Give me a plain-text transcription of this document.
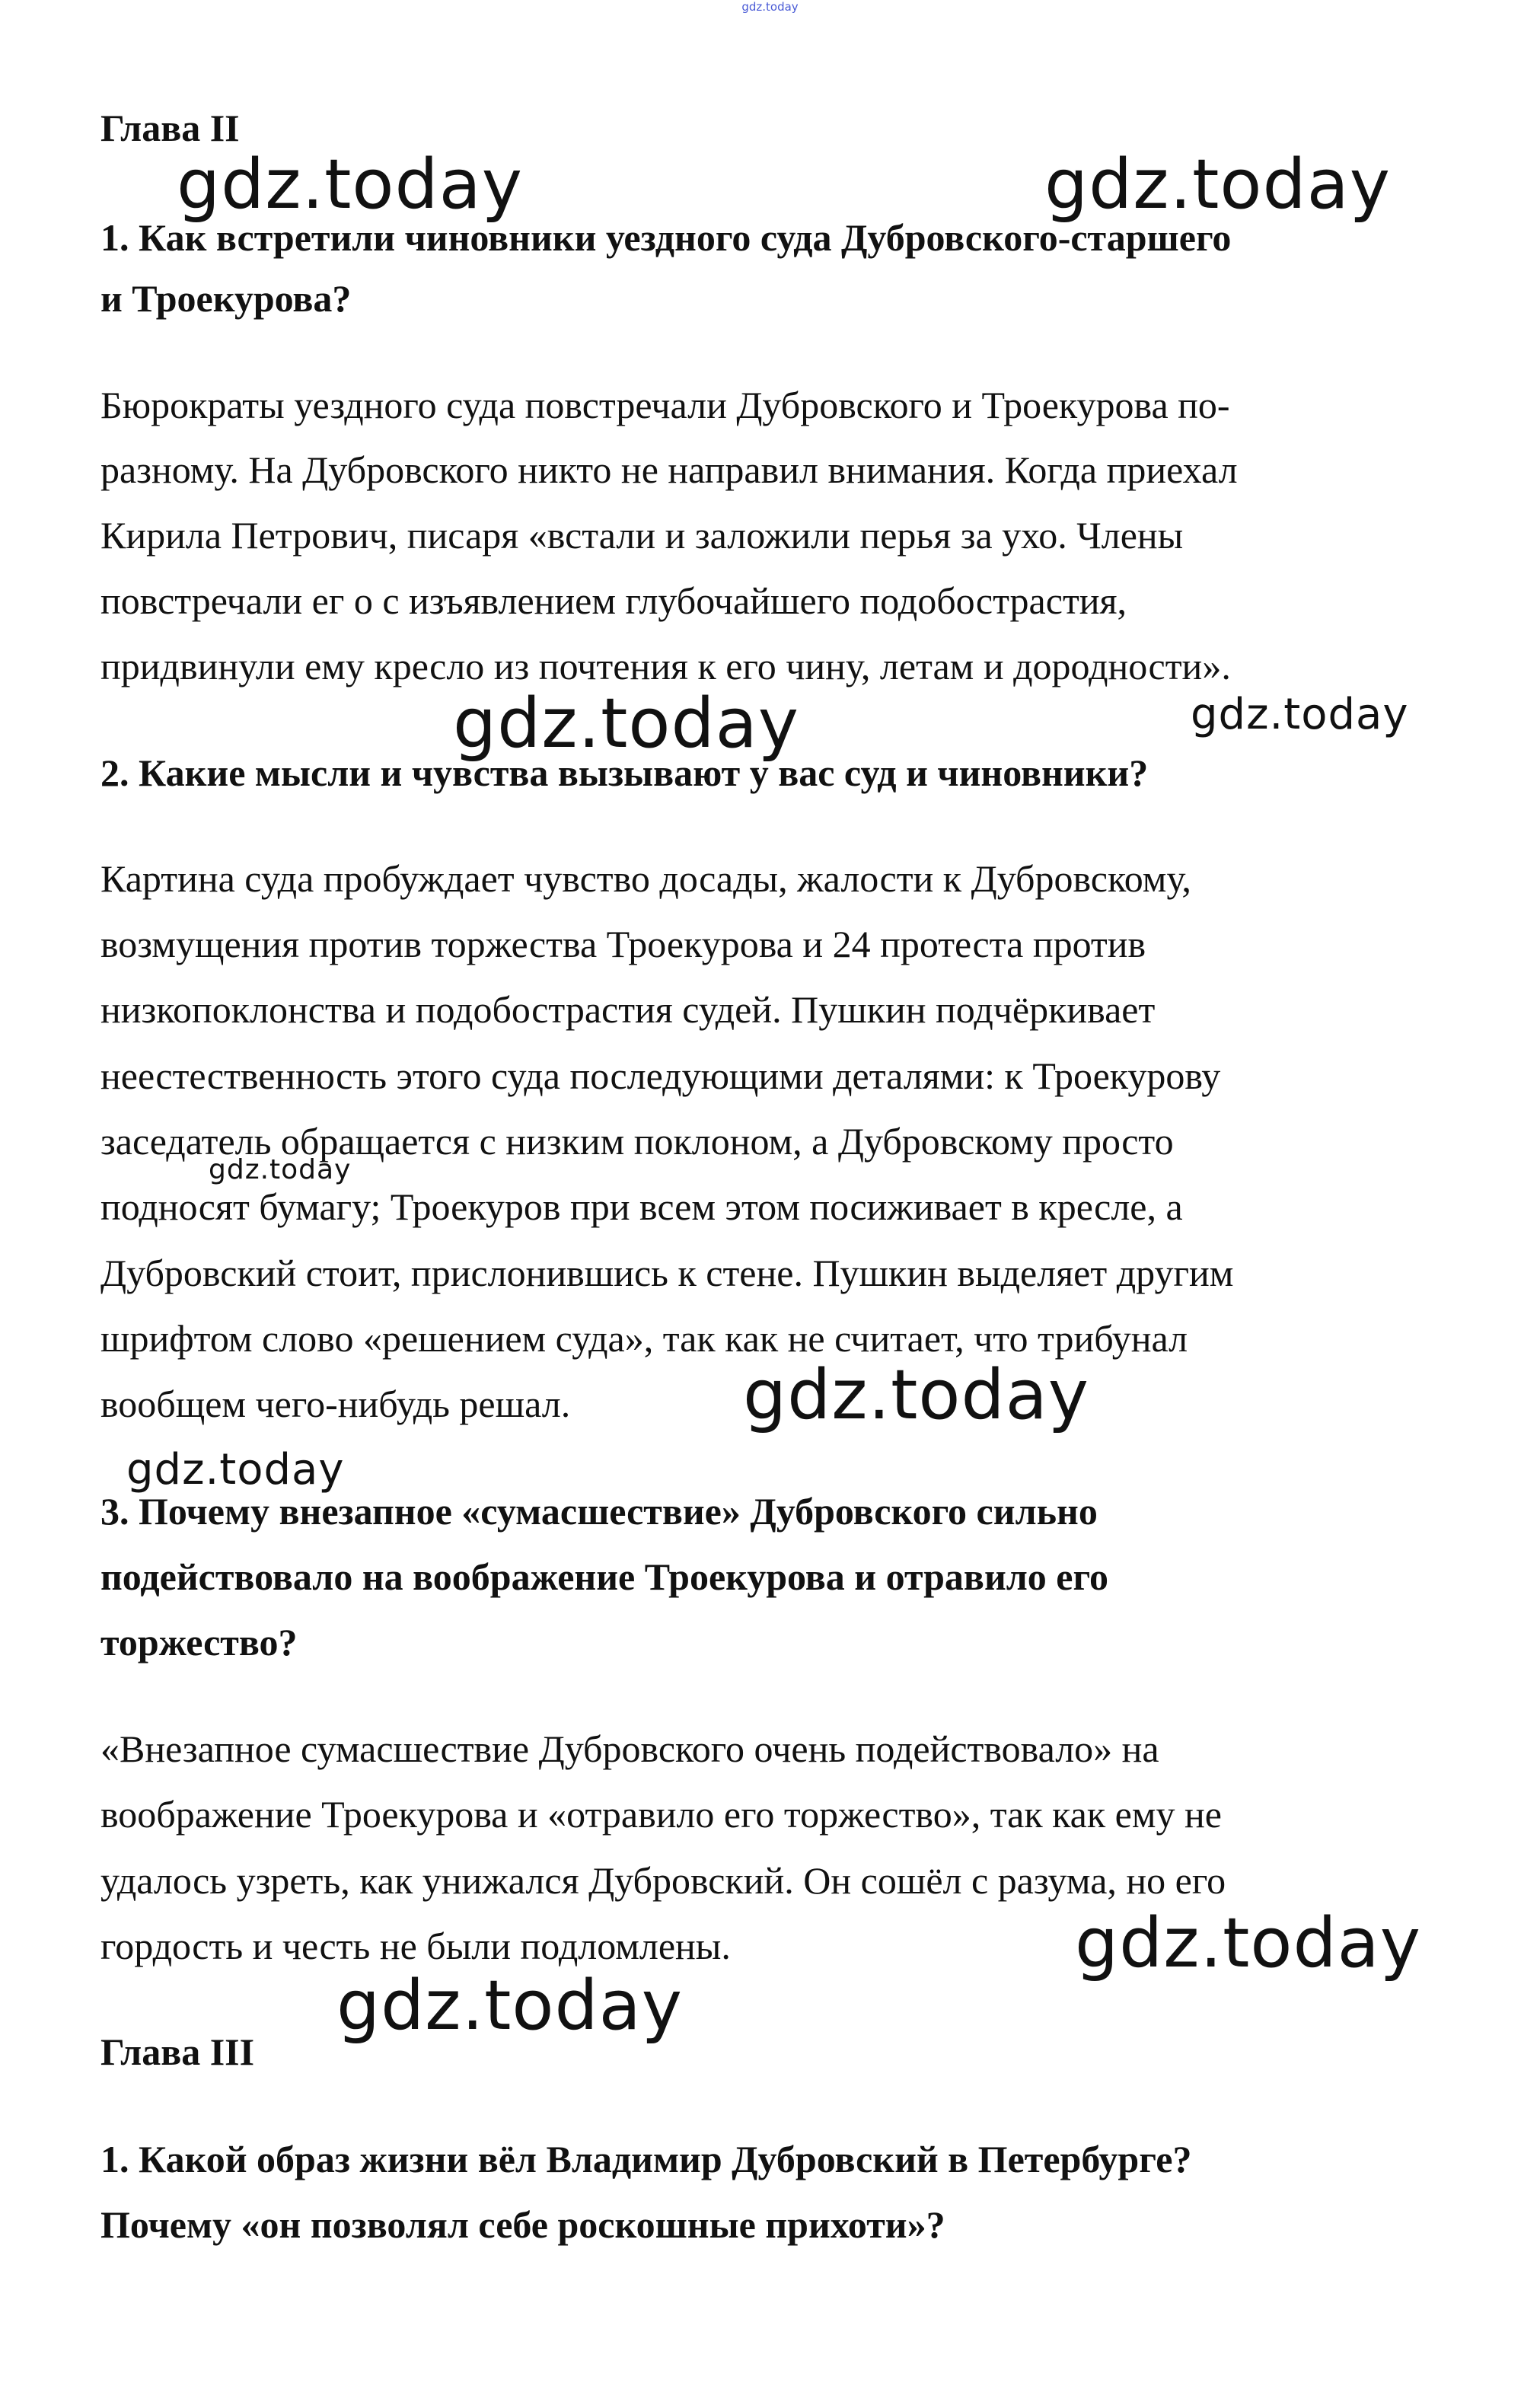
gdz.today
Глава II
1. Как встретили чиновники уездного суда Дубровского-старшего
и Троекурова?
Бюрократы уездного суда повстречали Дубровского и Троекурова по-
разному. На Дубровского никто не направил внимания. Когда приехал
Кирила Петрович, писаря «встали и заложили перья за ухо. Члены
повстречали ег о с изъявлением глубочайшего подобострастия,
придвинули ему кресло из почтения к его чину, летам и дородности».
2. Какие мысли и чувства вызывают у вас суд и чиновники?
Картина суда пробуждает чувство досады, жалости к Дубровскому,
возмущения против торжества Троекурова и 24 протеста против
низкопоклонства и подобострастия судей. Пушкин подчёркивает
неестественность этого суда последующими деталями: к Троекурову
заседатель обращается с низким поклоном, а Дубровскому просто
подносят бумагу; Троекуров при всем этом посиживает в кресле, а
Дубровский стоит, прислонившись к стене. Пушкин выделяет другим
шрифтом слово «решением суда», так как не считает, что трибунал
вообщем чего-нибудь решал.
3. Почему внезапное «сумасшествие» Дубровского сильно
подействовало на воображение Троекурова и отравило его
торжество?
«Внезапное сумасшествие Дубровского очень подействовало» на
воображение Троекурова и «отравило его торжество», так как ему не
удалось узреть, как унижался Дубровский. Он сошёл с разума, но его
гордость и честь не были подломлены.
Глава III
1. Какой образ жизни вёл Владимир Дубровский в Петербурге?
Почему «он позволял себе роскошные прихоти»?
gdz.today	gdz.today
gdz.today	gdz.today
gdz.today
gdz.today
gdz.today
gdz.today
gdz.today
